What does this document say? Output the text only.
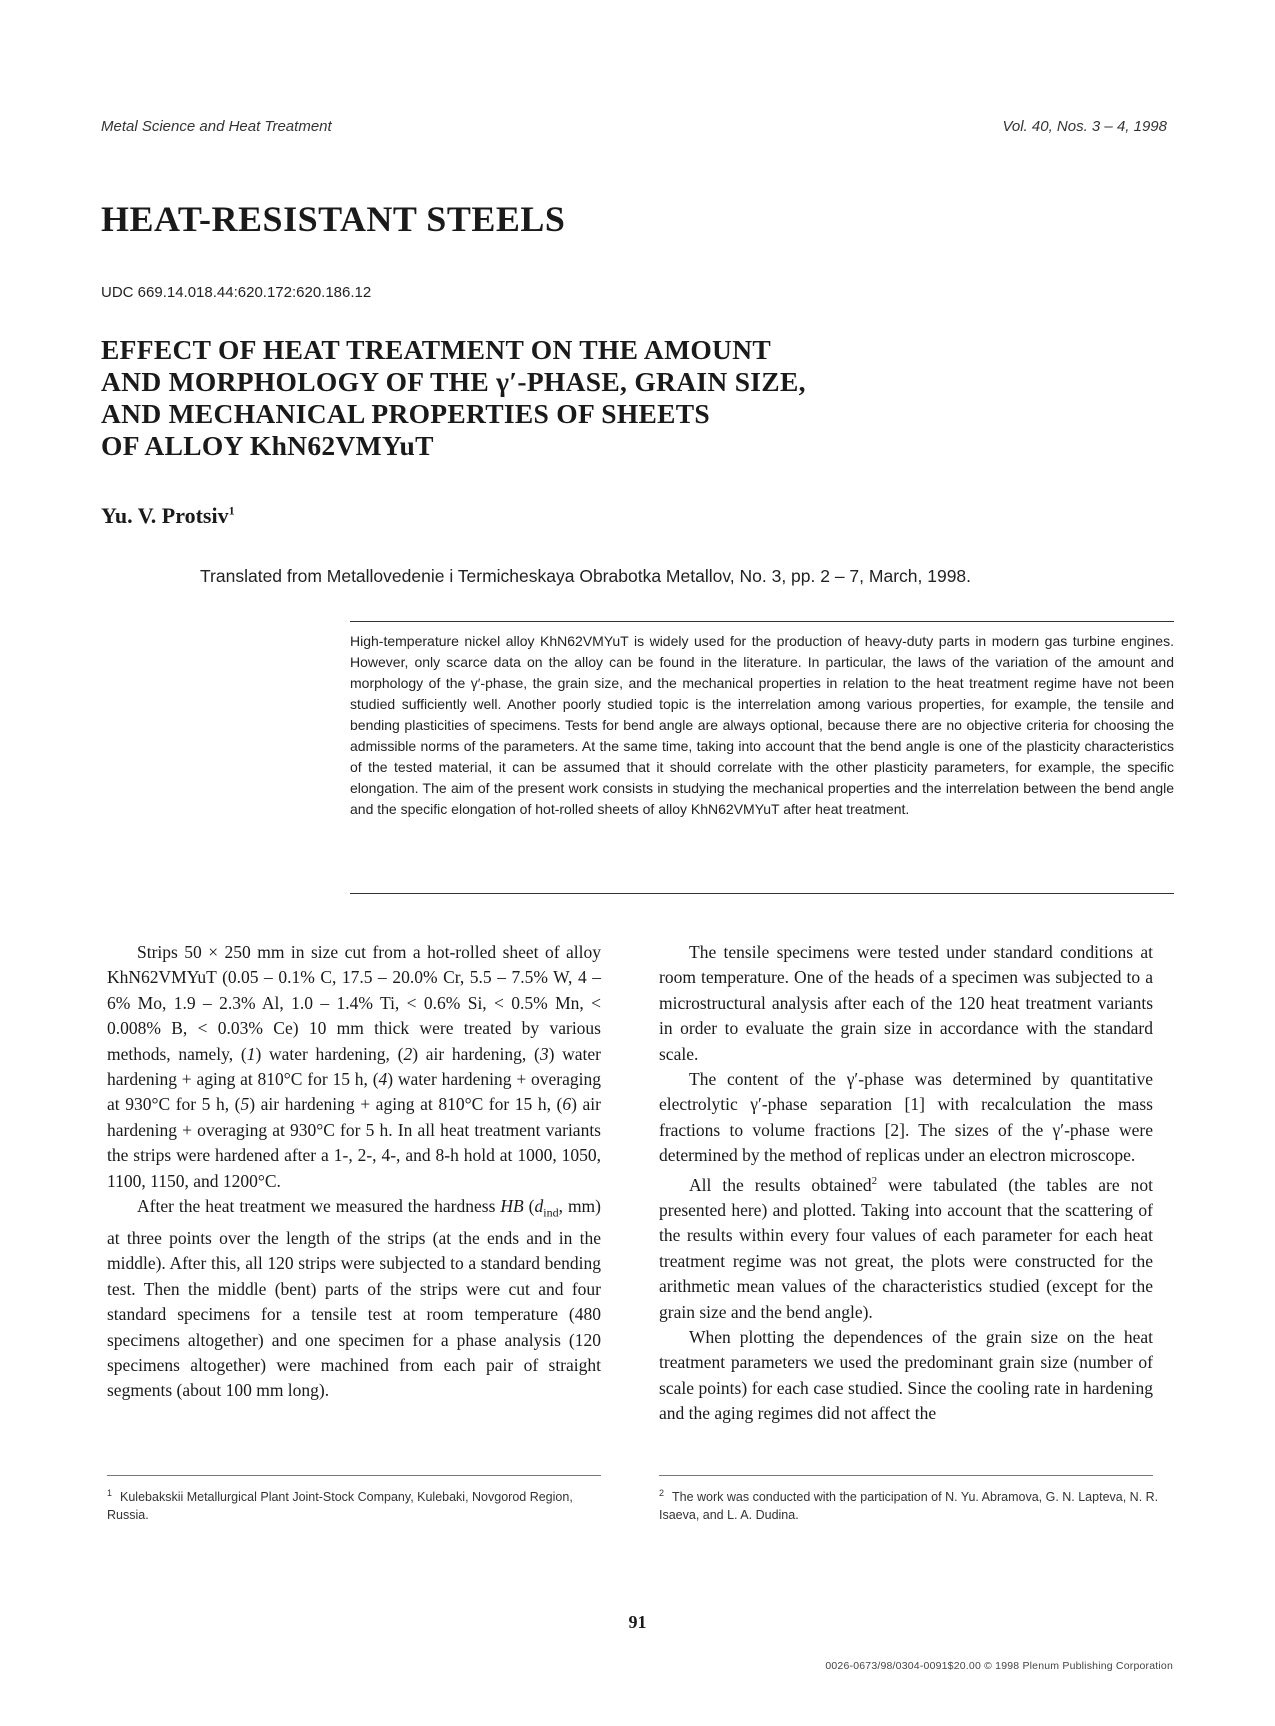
Metal Science and Heat Treatment	Vol. 40, Nos. 3 – 4, 1998
HEAT-RESISTANT STEELS
UDC 669.14.018.44:620.172:620.186.12
EFFECT OF HEAT TREATMENT ON THE AMOUNT
AND MORPHOLOGY OF THE γ′-PHASE, GRAIN SIZE,
AND MECHANICAL PROPERTIES OF SHEETS
OF ALLOY KhN62VMYuT
Yu. V. Protsiv$^1$
Translated from Metallovedenie i Termicheskaya Obrabotka Metallov, No. 3, pp. 2 – 7, March, 1998.

High-temperature nickel alloy KhN62VMYuT is widely used for the production of heavy-duty parts in modern gas turbine engines. However, only scarce data on the alloy can be found in the literature. In particular, the laws of the variation of the amount and morphology of the γ′-phase, the grain size, and the mechanical properties in relation to the heat treatment regime have not been studied sufficiently well. Another poorly studied topic is the interrelation among various properties, for example, the tensile and bending plasticities of specimens. Tests for bend angle are always optional, because there are no objective criteria for choosing the admissible norms of the parameters. At the same time, taking into account that the bend angle is one of the plasticity characteristics of the tested material, it can be assumed that it should correlate with the other plasticity parameters, for example, the specific elongation. The aim of the present work consists in studying the mechanical properties and the interrelation between the bend angle and the specific elongation of hot-rolled sheets of alloy KhN62VMYuT after heat treatment.

Strips 50 × 250 mm in size cut from a hot-rolled sheet of alloy KhN62VMYuT (0.05 – 0.1% C, 17.5 – 20.0% Cr, 5.5 – 7.5% W, 4 – 6% Mo, 1.9 – 2.3% Al, 1.0 – 1.4% Ti, < 0.6% Si, < 0.5% Mn, < 0.008% B, < 0.03% Ce) 10 mm thick were treated by various methods, namely, (1) water hardening, (2) air hardening, (3) water hardening + aging at 810°C for 15 h, (4) water hardening + overaging at 930°C for 5 h, (5) air hardening + aging at 810°C for 15 h, (6) air hardening + overaging at 930°C for 5 h. In all heat treatment variants the strips were hardened after a 1-, 2-, 4-, and 8-h hold at 1000, 1050, 1100, 1150, and 1200°C.

After the heat treatment we measured the hardness HB ($d_{ind}$, mm) at three points over the length of the strips (at the ends and in the middle). After this, all 120 strips were subjected to a standard bending test. Then the middle (bent) parts of the strips were cut and four standard specimens for a tensile test at room temperature (480 specimens altogether) and one specimen for a phase analysis (120 specimens altogether) were machined from each pair of straight segments (about 100 mm long).

The tensile specimens were tested under standard conditions at room temperature. One of the heads of a specimen was subjected to a microstructural analysis after each of the 120 heat treatment variants in order to evaluate the grain size in accordance with the standard scale.

The content of the γ′-phase was determined by quantitative electrolytic γ′-phase separation [1] with recalculation the mass fractions to volume fractions [2]. The sizes of the γ′-phase were determined by the method of replicas under an electron microscope.

All the results obtained$^2$ were tabulated (the tables are not presented here) and plotted. Taking into account that the scattering of the results within every four values of each parameter for each heat treatment regime was not great, the plots were constructed for the arithmetic mean values of the characteristics studied (except for the grain size and the bend angle).

When plotting the dependences of the grain size on the heat treatment parameters we used the predominant grain size (number of scale points) for each case studied. Since the cooling rate in hardening and the aging regimes did not affect the

$^1$ Kulebakskii Metallurgical Plant Joint-Stock Company, Kulebaki, Novgorod Region, Russia.
$^2$ The work was conducted with the participation of N. Yu. Abramova, G. N. Lapteva, N. R. Isaeva, and L. A. Dudina.
91
0026-0673/98/0304-0091$20.00 © 1998 Plenum Publishing Corporation
